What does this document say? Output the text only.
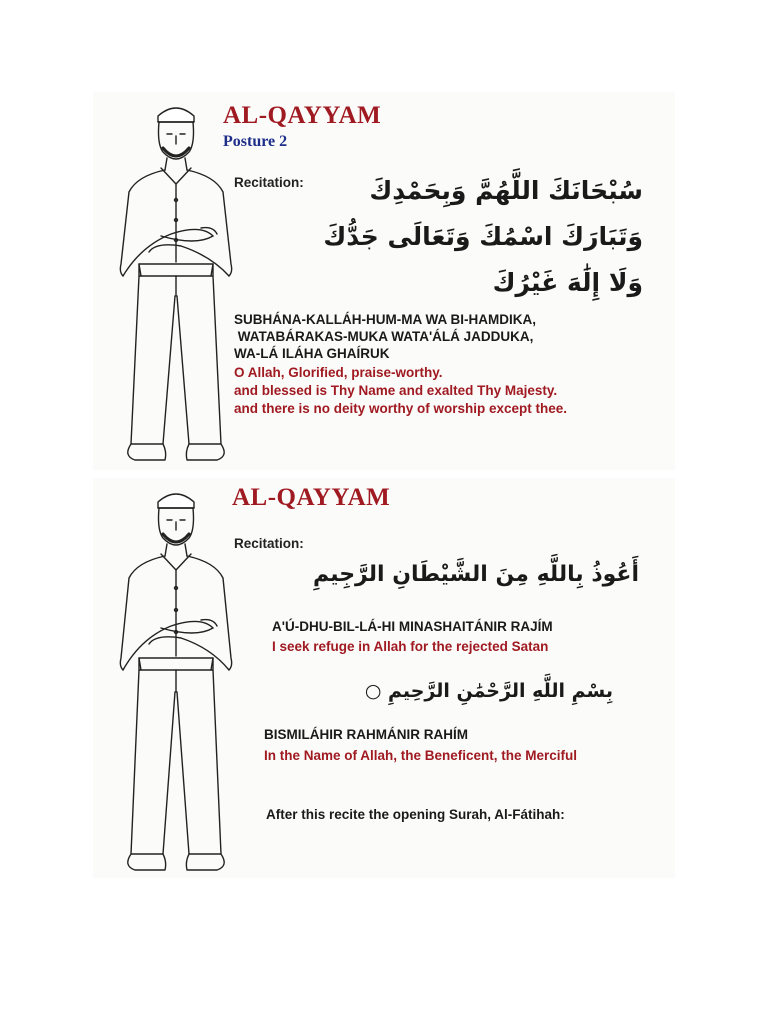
AL-QAYYAM
Posture 2
Recitation:	سُبْحَانَكَ اللَّهُمَّ وَبِحَمْدِكَ
وَتَبَارَكَ اسْمُكَ وَتَعَالَى جَدُّكَ
وَلَا إِلَٰهَ غَيْرُكَ
SUBHÁNA-KALLÁH-HUM-MA WA BI-HAMDIKA,
WATABÁRAKAS-MUKA WATA'ÁLÁ JADDUKA,
WA-LÁ ILÁHA GHAÍRUK
O Allah, Glorified, praise-worthy.
and blessed is Thy Name and exalted Thy Majesty.
and there is no deity worthy of worship except thee.
AL-QAYYAM
Recitation:
أَعُوذُ بِاللَّهِ مِنَ الشَّيْطَانِ الرَّجِيمِ
A'Ú-DHU-BIL-LÁ-HI MINASHAITÁNIR RAJÍM
I seek refuge in Allah for the rejected Satan
بِسْمِ اللَّهِ الرَّحْمَٰنِ الرَّحِيمِ ○
BISMILÁHIR RAHMÁNIR RAHÍM
In the Name of Allah, the Beneficent, the Merciful
After this recite the opening Surah, Al-Fátihah:
